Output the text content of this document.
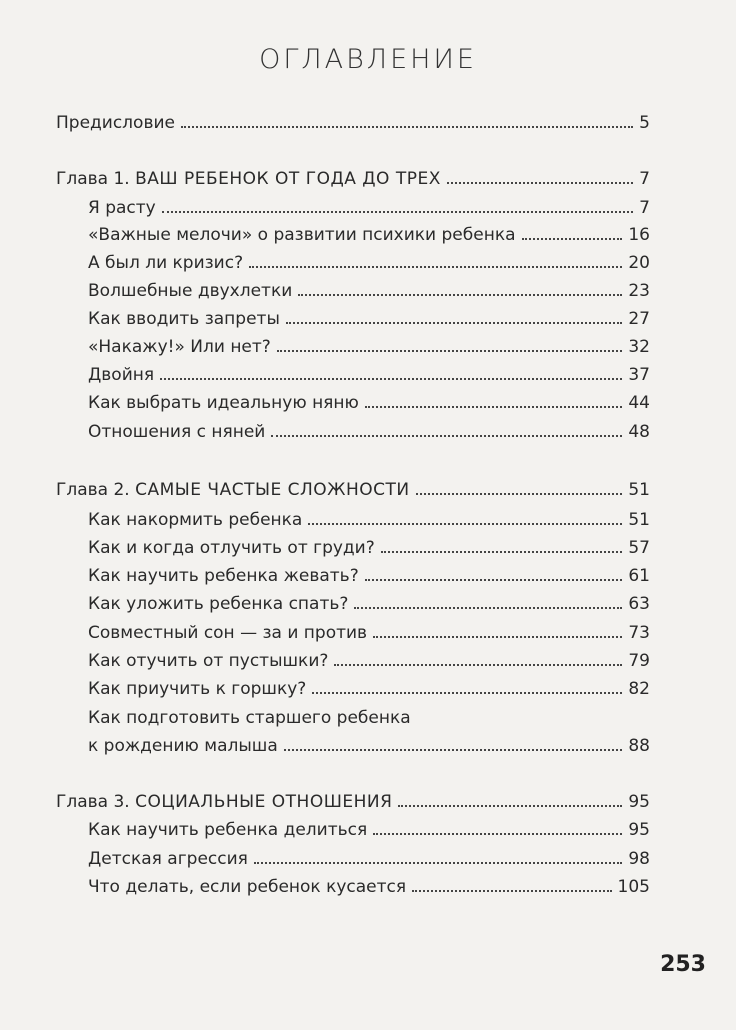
ОГЛАВЛЕНИЕ
Предисловие	5
Глава 1. ВАШ РЕБЕНОК ОТ ГОДА ДО ТРЕХ	7
Я расту	7
«Важные мелочи» о развитии психики ребенка	16
А был ли кризис?	20
Волшебные двухлетки	23
Как вводить запреты	27
«Накажу!» Или нет?	32
Двойня	37
Как выбрать идеальную няню	44
Отношения с няней	48
Глава 2. САМЫЕ ЧАСТЫЕ СЛОЖНОСТИ	51
Как накормить ребенка	51
Как и когда отлучить от груди?	57
Как научить ребенка жевать?	61
Как уложить ребенка спать?	63
Совместный сон — за и против	73
Как отучить от пустышки?	79
Как приучить к горшку?	82
Как подготовить старшего ребенка
к рождению малыша	88
Глава 3. СОЦИАЛЬНЫЕ ОТНОШЕНИЯ	95
Как научить ребенка делиться	95
Детская агрессия	98
Что делать, если ребенок кусается	105
253
